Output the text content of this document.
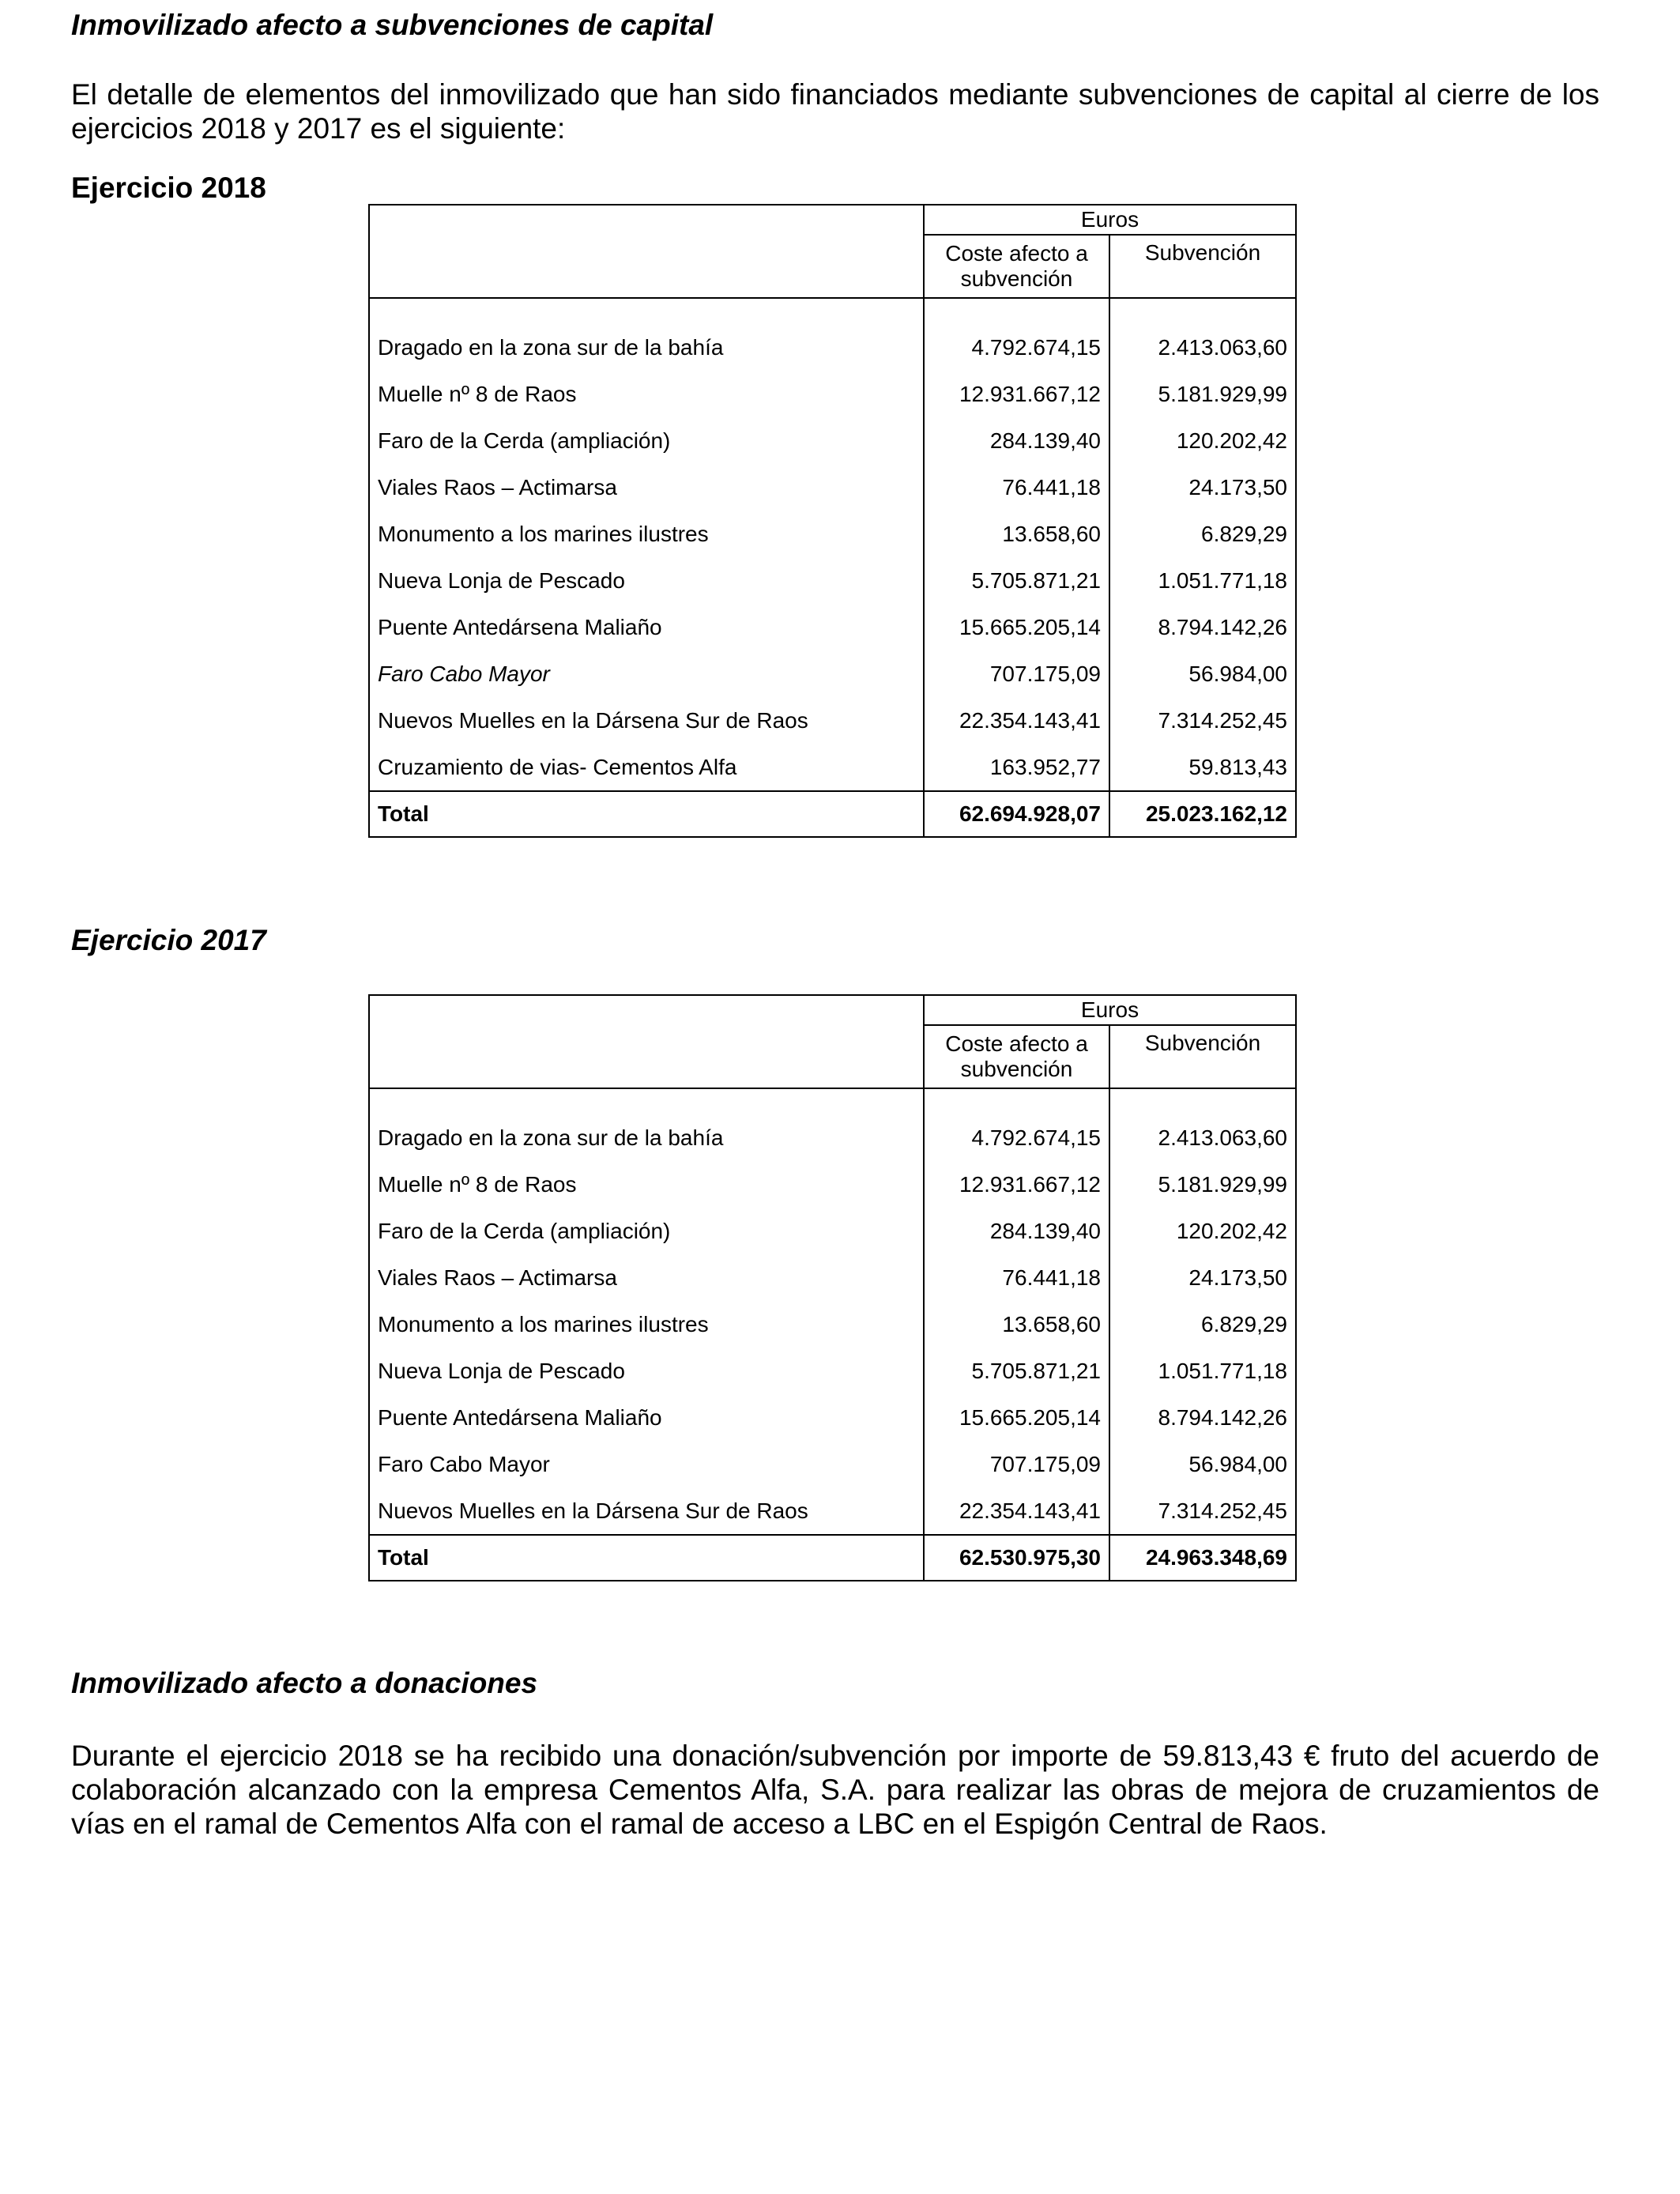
Inmovilizado afecto a subvenciones de capital

El detalle de elementos del inmovilizado que han sido financiados mediante subvenciones de capital al cierre de los ejercicios 2018 y 2017 es el siguiente:

Ejercicio 2018
	Euros	
	Coste afecto a subvención	Subvención

Dragado en la zona sur de la bahía	4.792.674,15	2.413.063,60
Muelle nº 8 de Raos	12.931.667,12	5.181.929,99
Faro de la Cerda (ampliación)	284.139,40	120.202,42
Viales Raos – Actimarsa	76.441,18	24.173,50
Monumento a los marines ilustres	13.658,60	6.829,29
Nueva Lonja de Pescado	5.705.871,21	1.051.771,18
Puente Antedársena Maliaño	15.665.205,14	8.794.142,26
Faro Cabo Mayor	707.175,09	56.984,00
Nuevos Muelles en la Dársena Sur de Raos	22.354.143,41	7.314.252,45
Cruzamiento de vias- Cementos Alfa	163.952,77	59.813,43
Total	62.694.928,07	25.023.162,12
Ejercicio 2017
	Euros	
	Coste afecto a subvención	Subvención

Dragado en la zona sur de la bahía	4.792.674,15	2.413.063,60
Muelle nº 8 de Raos	12.931.667,12	5.181.929,99
Faro de la Cerda (ampliación)	284.139,40	120.202,42
Viales Raos – Actimarsa	76.441,18	24.173,50
Monumento a los marines ilustres	13.658,60	6.829,29
Nueva Lonja de Pescado	5.705.871,21	1.051.771,18
Puente Antedársena Maliaño	15.665.205,14	8.794.142,26
Faro Cabo Mayor	707.175,09	56.984,00
Nuevos Muelles en la Dársena Sur de Raos	22.354.143,41	7.314.252,45
Total	62.530.975,30	24.963.348,69
Inmovilizado afecto a donaciones

Durante el ejercicio 2018 se ha recibido una donación/subvención por importe de 59.813,43 € fruto del acuerdo de colaboración alcanzado con la empresa Cementos Alfa, S.A. para realizar las obras de mejora de cruzamientos de vías en el ramal de Cementos Alfa con el ramal de acceso a LBC en el Espigón Central de Raos.
